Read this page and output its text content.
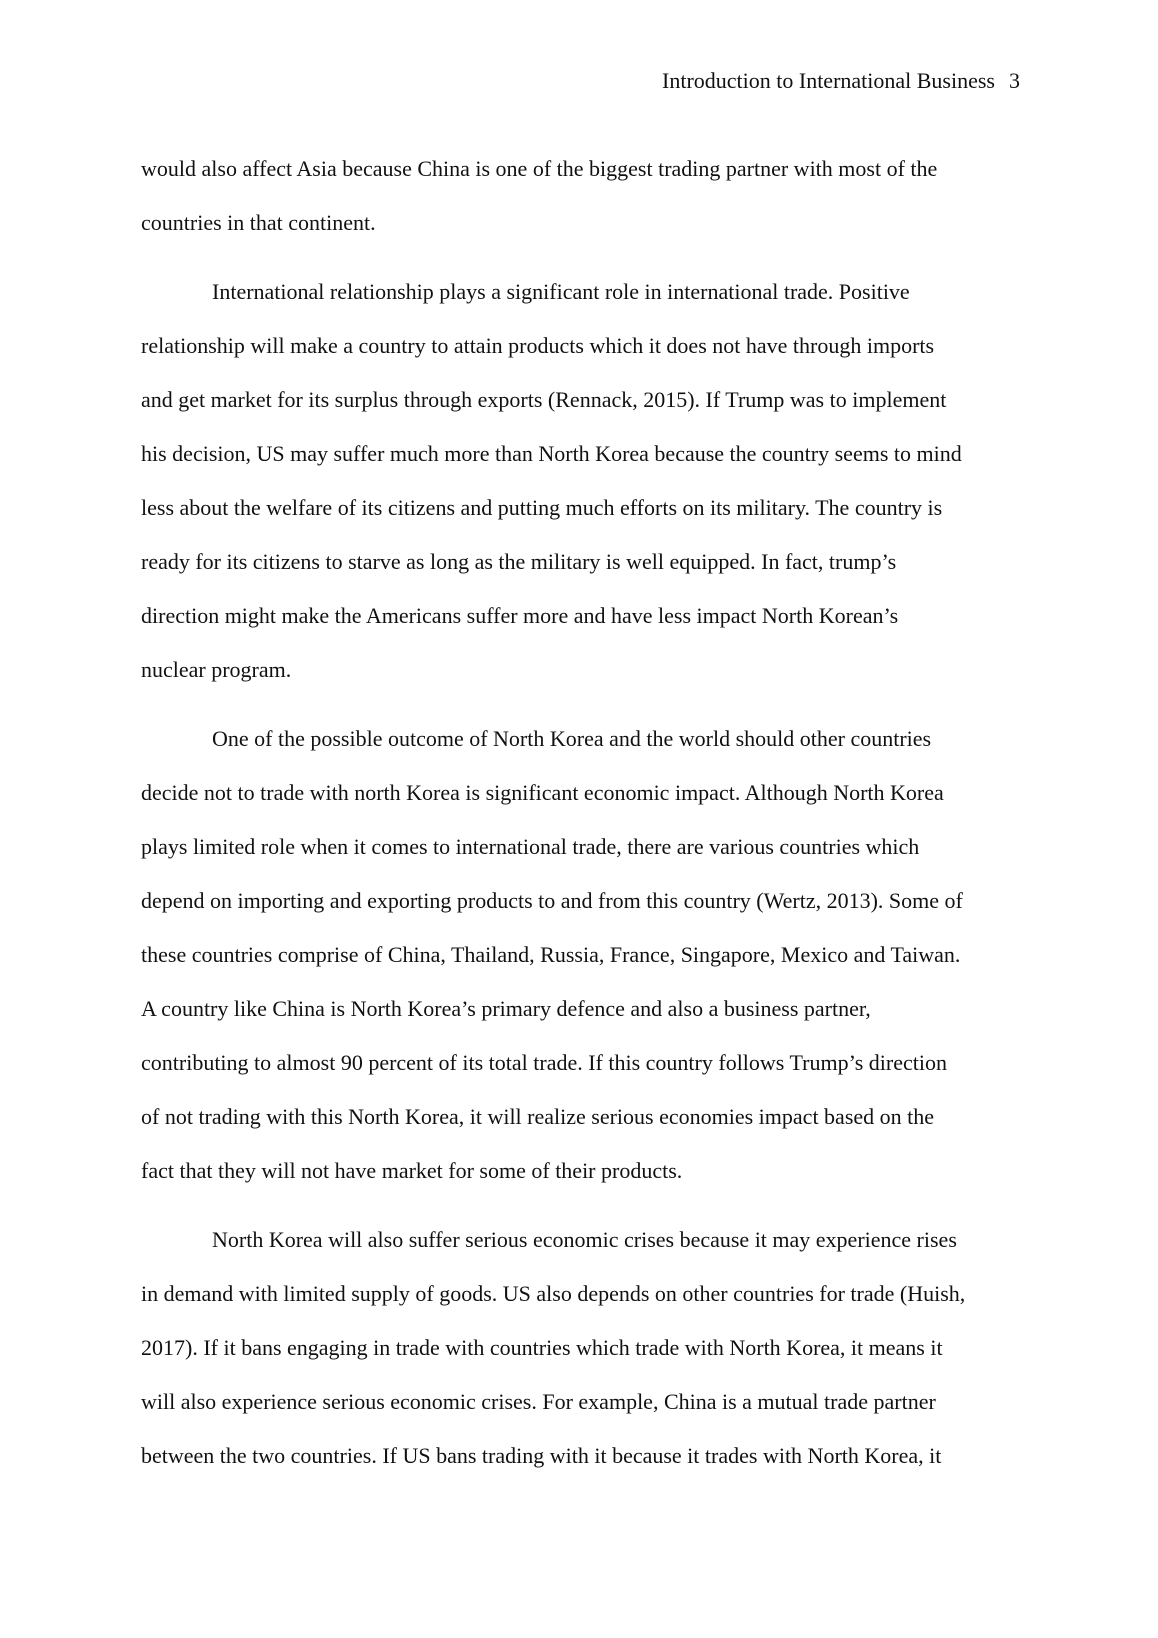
Introduction to International Business 3
would also affect Asia because China is one of the biggest trading partner with most of the
countries in that continent.
International relationship plays a significant role in international trade. Positive
relationship will make a country to attain products which it does not have through imports
and get market for its surplus through exports (Rennack, 2015). If Trump was to implement
his decision, US may suffer much more than North Korea because the country seems to mind
less about the welfare of its citizens and putting much efforts on its military. The country is
ready for its citizens to starve as long as the military is well equipped. In fact, trump’s
direction might make the Americans suffer more and have less impact North Korean’s
nuclear program.
One of the possible outcome of North Korea and the world should other countries
decide not to trade with north Korea is significant economic impact. Although North Korea
plays limited role when it comes to international trade, there are various countries which
depend on importing and exporting products to and from this country (Wertz, 2013). Some of
these countries comprise of China, Thailand, Russia, France, Singapore, Mexico and Taiwan.
A country like China is North Korea’s primary defence and also a business partner,
contributing to almost 90 percent of its total trade. If this country follows Trump’s direction
of not trading with this North Korea, it will realize serious economies impact based on the
fact that they will not have market for some of their products.
North Korea will also suffer serious economic crises because it may experience rises
in demand with limited supply of goods. US also depends on other countries for trade (Huish,
2017). If it bans engaging in trade with countries which trade with North Korea, it means it
will also experience serious economic crises. For example, China is a mutual trade partner
between the two countries. If US bans trading with it because it trades with North Korea, it
